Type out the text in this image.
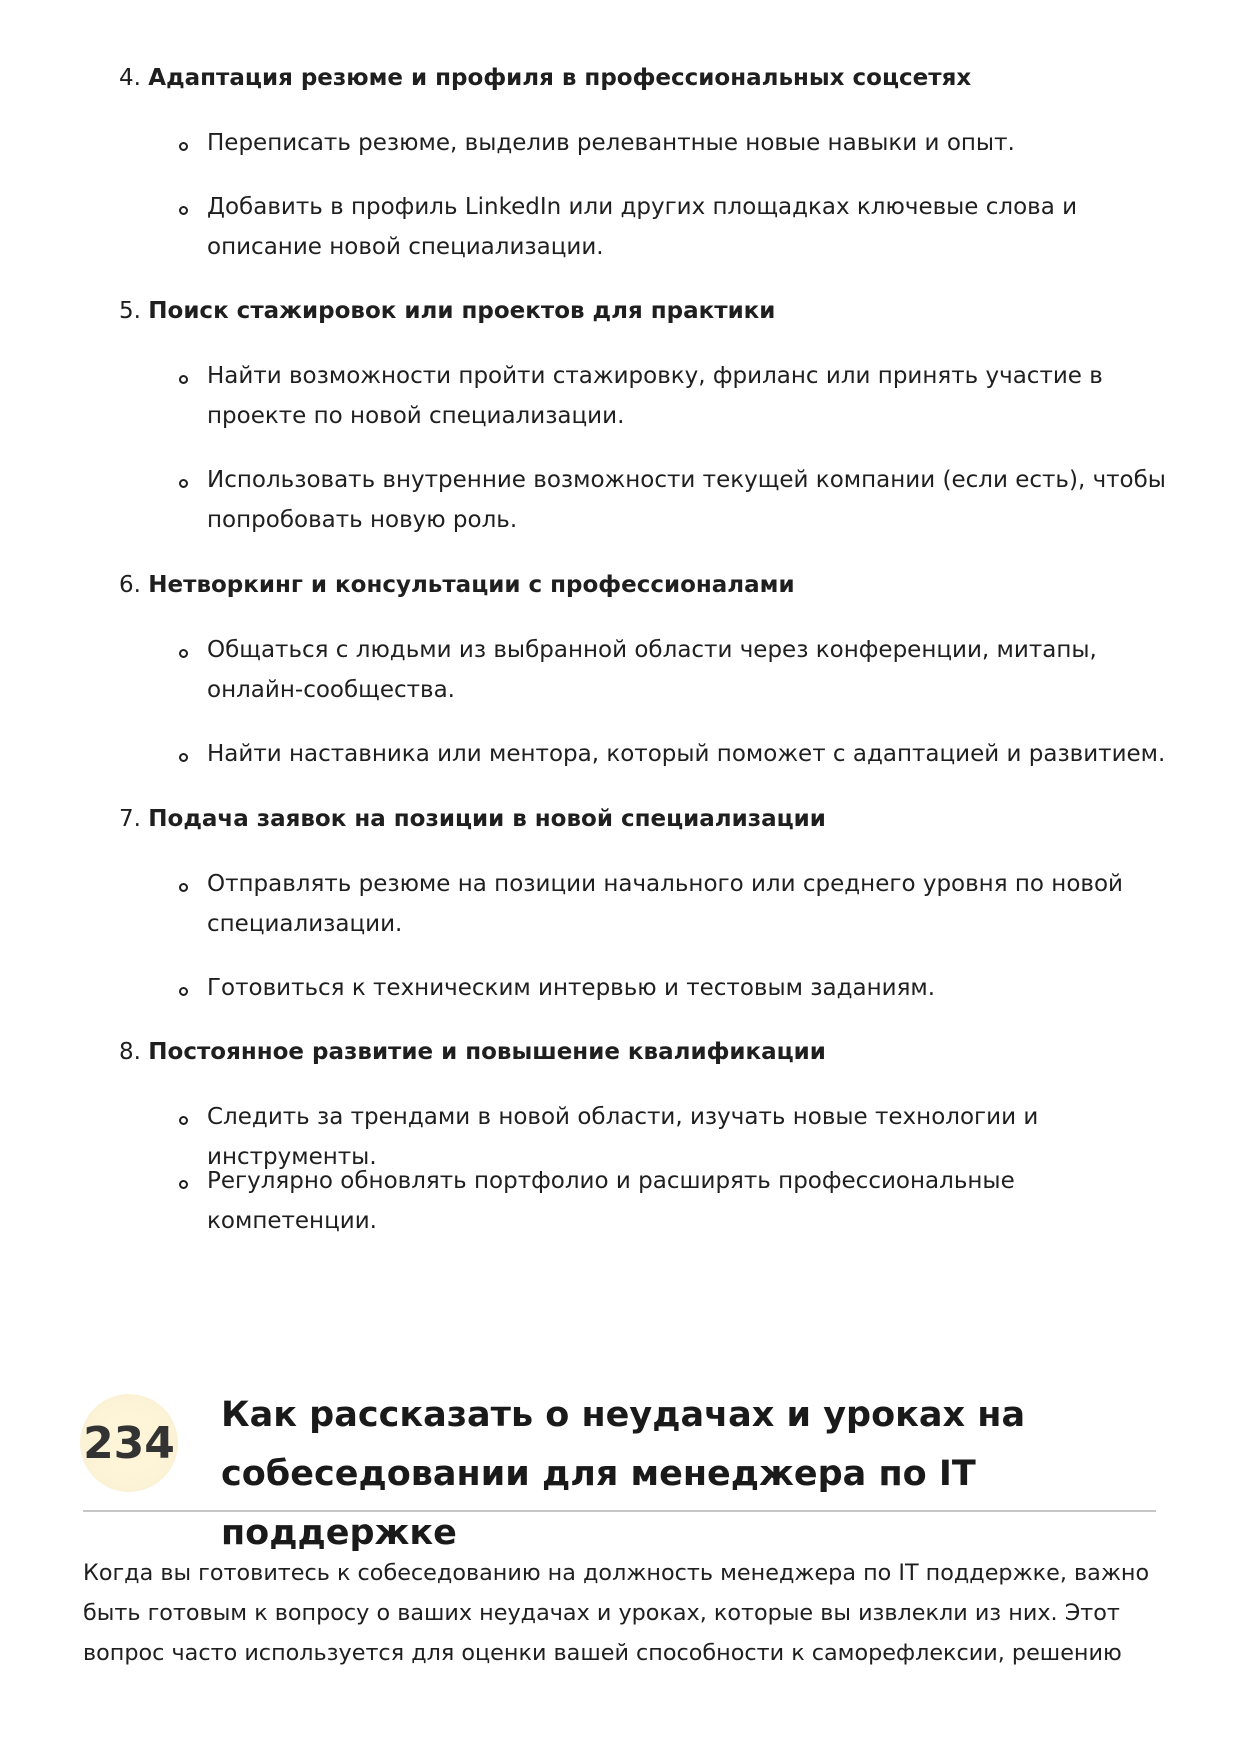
4. Адаптация резюме и профиля в профессиональных соцсетях
Переписать резюме, выделив релевантные новые навыки и опыт.
Добавить в профиль LinkedIn или других площадках ключевые слова и описание новой специализации.
5. Поиск стажировок или проектов для практики
Найти возможности пройти стажировку, фриланс или принять участие в проекте по новой специализации.
Использовать внутренние возможности текущей компании (если есть), чтобы попробовать новую роль.
6. Нетворкинг и консультации с профессионалами
Общаться с людьми из выбранной области через конференции, митапы, онлайн-сообщества.
Найти наставника или ментора, который поможет с адаптацией и развитием.
7. Подача заявок на позиции в новой специализации
Отправлять резюме на позиции начального или среднего уровня по новой специализации.
Готовиться к техническим интервью и тестовым заданиям.
8. Постоянное развитие и повышение квалификации
Следить за трендами в новой области, изучать новые технологии и инструменты.
Регулярно обновлять портфолио и расширять профессиональные компетенции.
234
Как рассказать о неудачах и уроках на собеседовании для менеджера по IT поддержке

Когда вы готовитесь к собеседованию на должность менеджера по IT поддержке, важно быть готовым к вопросу о ваших неудачах и уроках, которые вы извлекли из них. Этот вопрос часто используется для оценки вашей способности к саморефлексии, решению
